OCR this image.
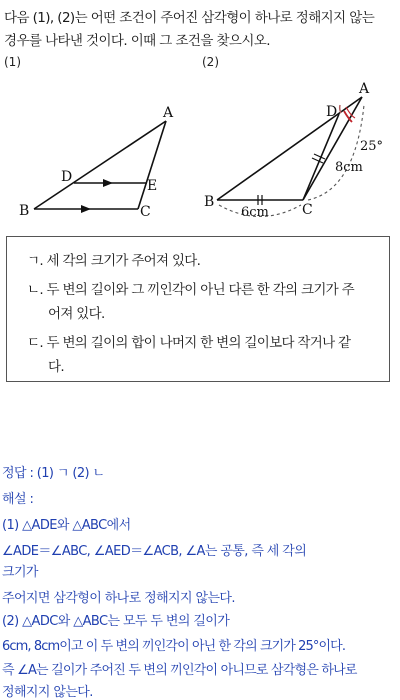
다음 (1), (2)는 어떤 조건이 주어진 삼각형이 하나로 정해지지 않는
경우를 나타낸 것이다. 이때 그 조건을 찾으시오.
(1)	(2)
A
D
E
B	C
A
D
B	C
6cm
8cm
25°
ㄱ. 세 각의 크기가 주어져 있다.
ㄴ. 두 변의 길이와 그 끼인각이 아닌 다른 한 각의 크기가 주
어져 있다.
ㄷ. 두 변의 길이의 합이 나머지 한 변의 길이보다 작거나 같
다.
정답 : (1) ㄱ (2) ㄴ
해설 :
(1) △ADE와 △ABC에서
∠ADE＝∠ABC, ∠AED＝∠ACB, ∠A는 공통, 즉 세 각의
크기가
주어지면 삼각형이 하나로 정해지지 않는다.
(2) △ADC와 △ABC는 모두 두 변의 길이가
6cm, 8cm이고 이 두 변의 끼인각이 아닌 한 각의 크기가 25°이다.
즉 ∠A는 길이가 주어진 두 변의 끼인각이 아니므로 삼각형은 하나로
정해지지 않는다.
